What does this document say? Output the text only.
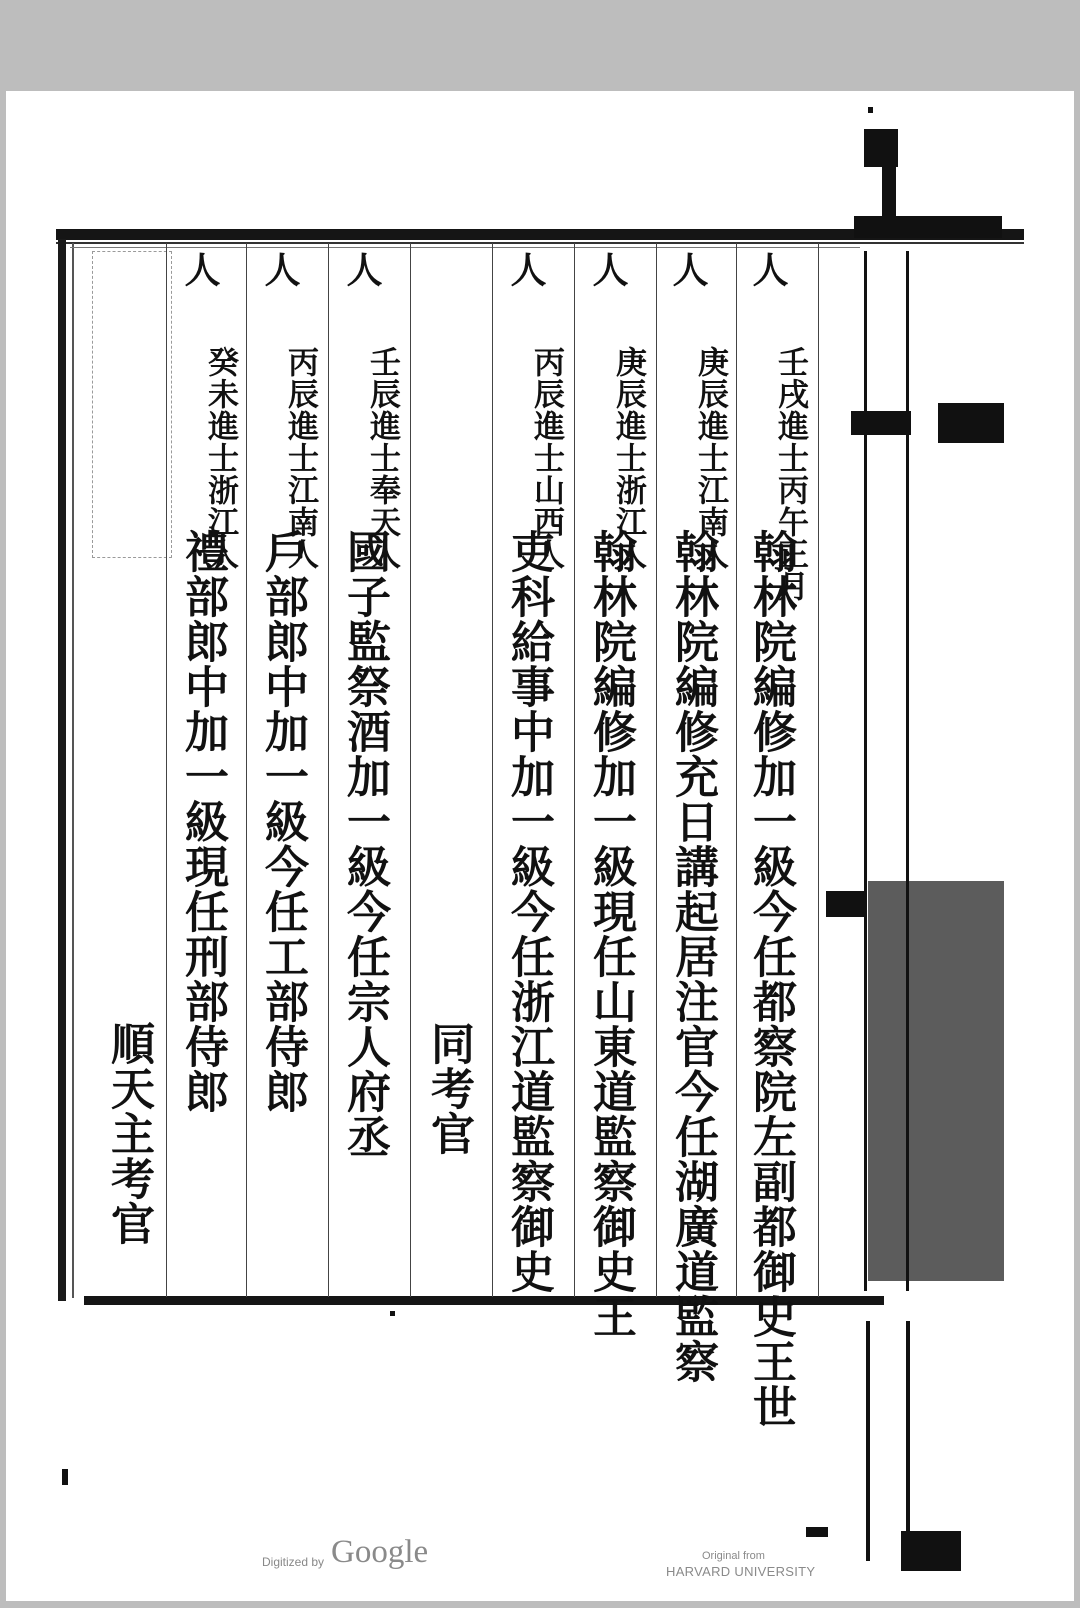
翰林院編修加一級今任都察院左副都御史王世
壬戌進士丙午正月
人
翰林院編修充日講起居注官今任湖廣道監察
庚辰進士江南人
人
翰林院編修加一級現任山東道監察御史王
庚辰進士浙江人
人
吏科給事中加一級今任浙江道監察御史
丙辰進士山西人
人
同考官
國子監祭酒加一級今任宗人府丞
壬辰進士奉天人
人
戶部郎中加一級今任工部侍郎
丙辰進士江南人
人
禮部郎中加一級現任刑部侍郎
癸未進士浙江人
人
順天主考官
Digitized by Google	Original from
HARVARD UNIVERSITY
